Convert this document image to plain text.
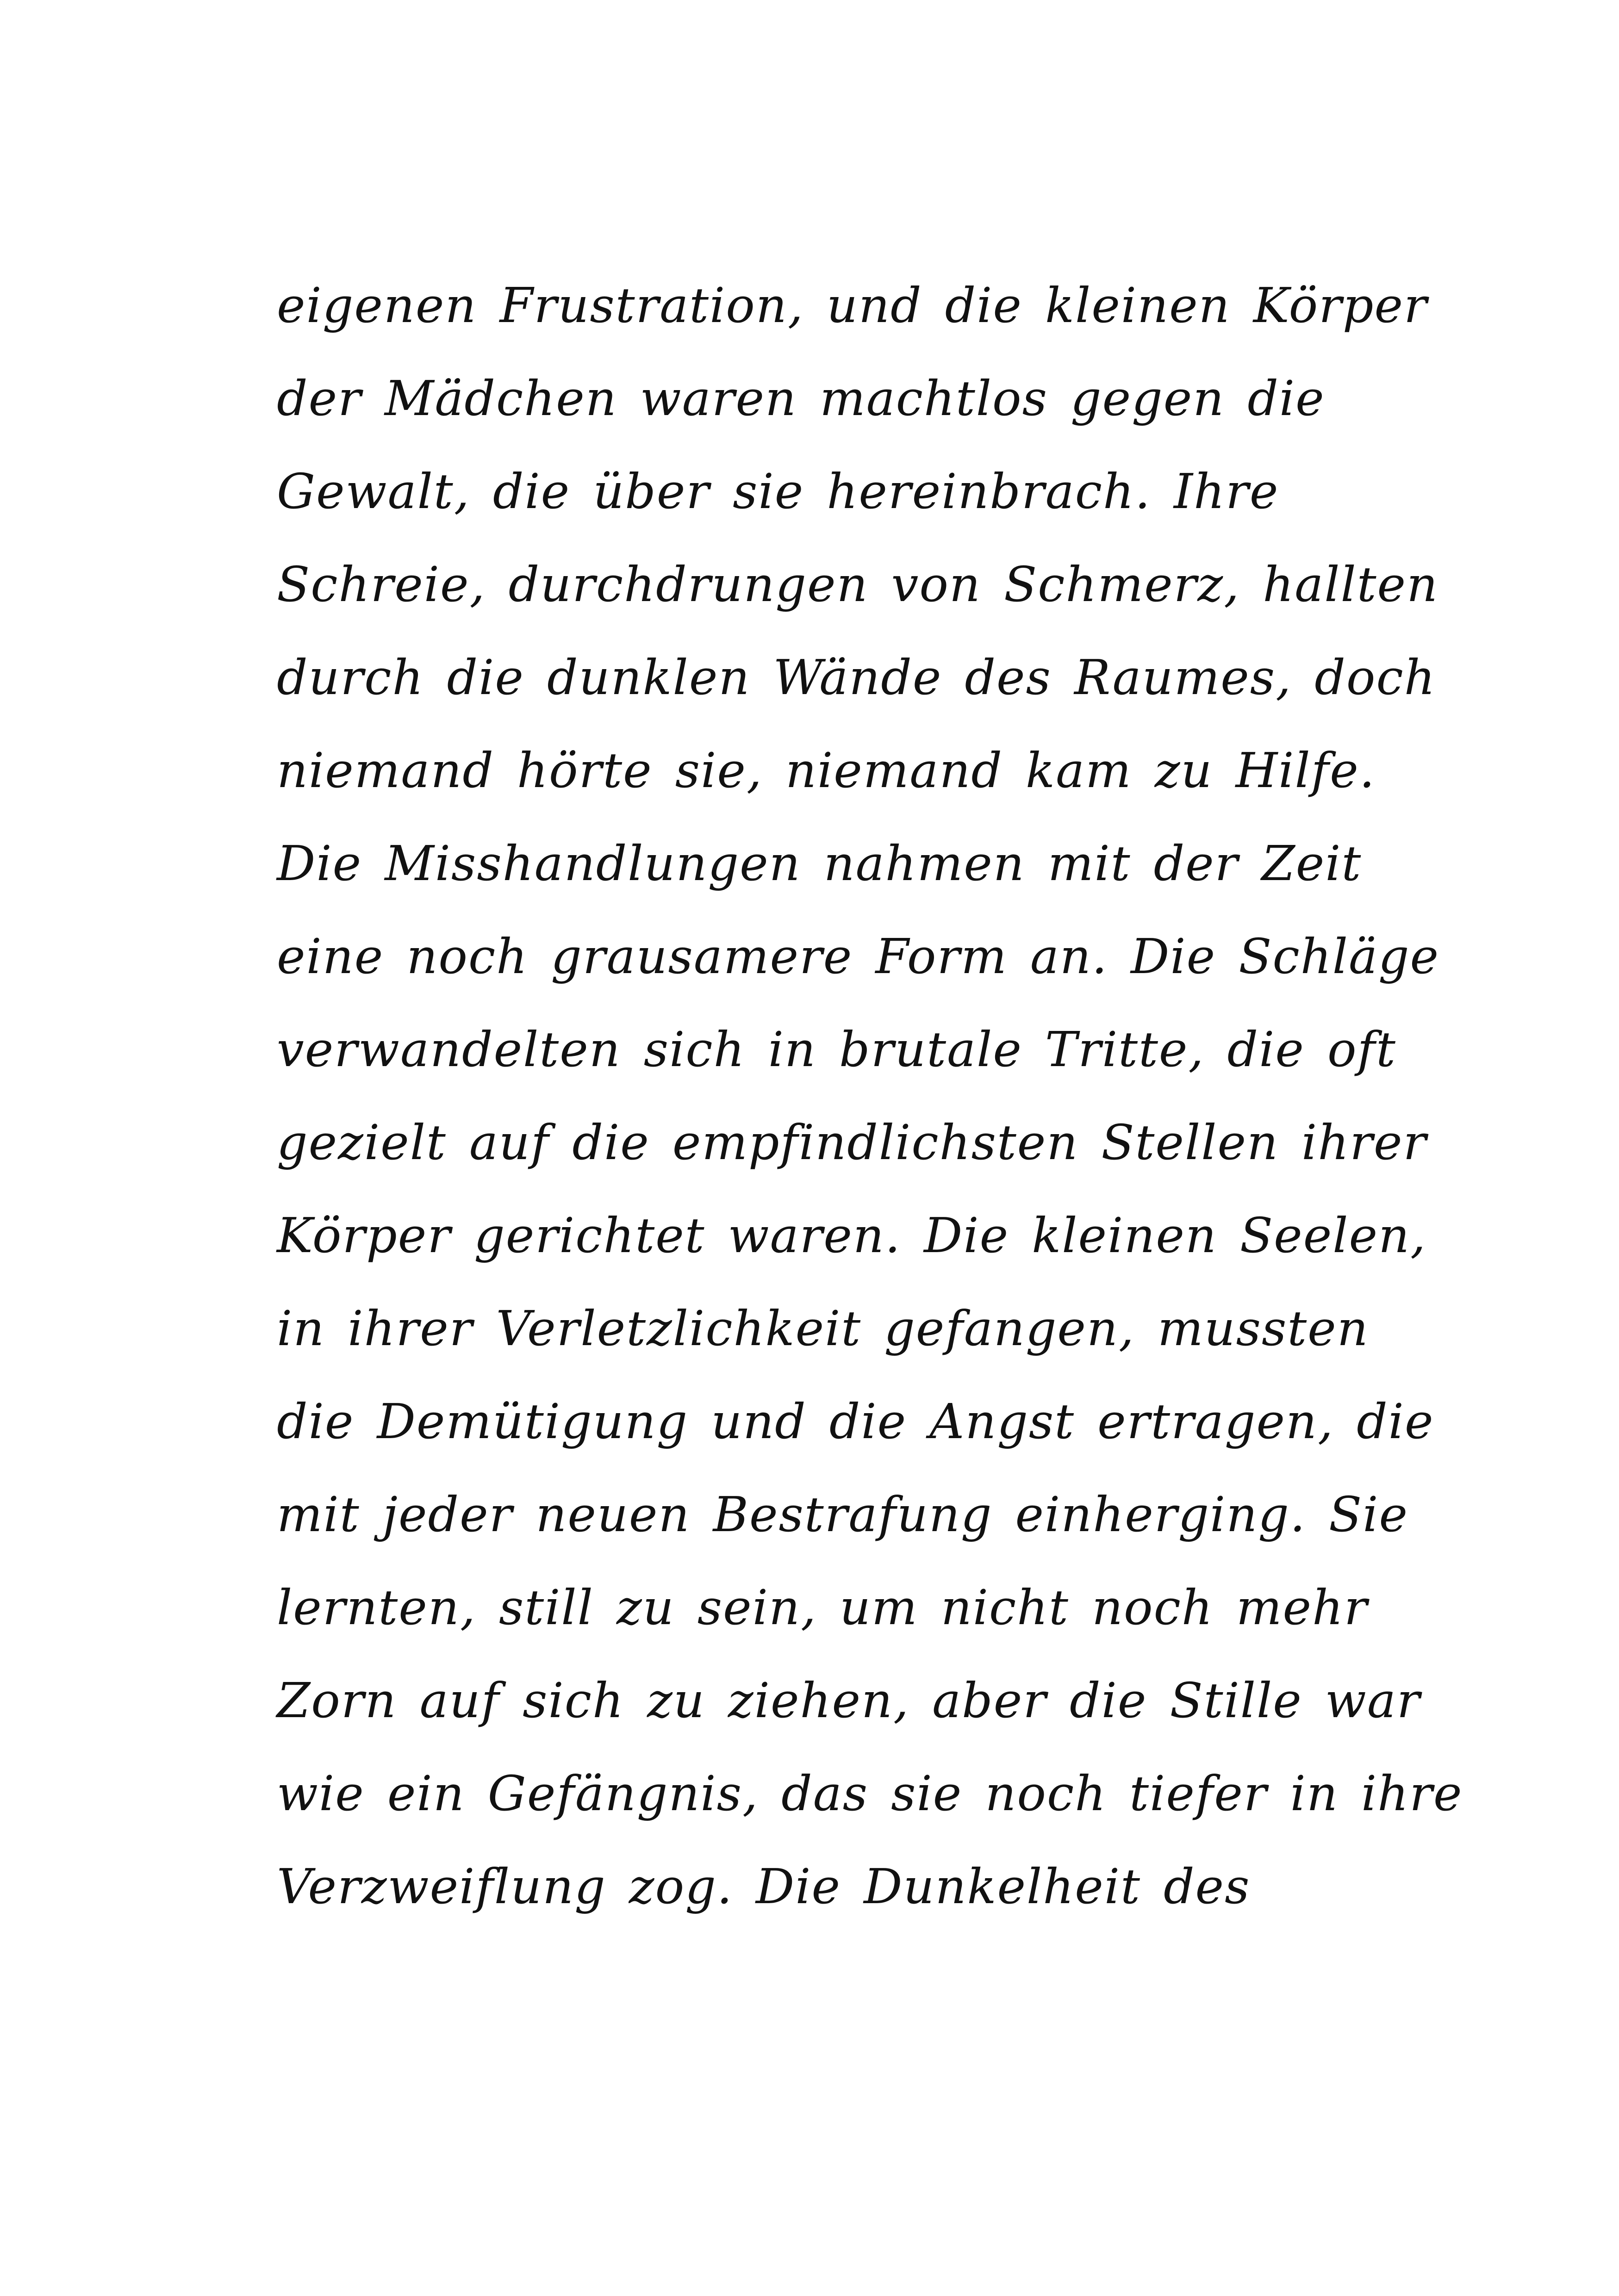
eigenen Frustration, und die kleinen Körper
der Mädchen waren machtlos gegen die
Gewalt, die über sie hereinbrach. Ihre
Schreie, durchdrungen von Schmerz, hallten
durch die dunklen Wände des Raumes, doch
niemand hörte sie, niemand kam zu Hilfe.
Die Misshandlungen nahmen mit der Zeit
eine noch grausamere Form an. Die Schläge
verwandelten sich in brutale Tritte, die oft
gezielt auf die empfindlichsten Stellen ihrer
Körper gerichtet waren. Die kleinen Seelen,
in ihrer Verletzlichkeit gefangen, mussten
die Demütigung und die Angst ertragen, die
mit jeder neuen Bestrafung einherging. Sie
lernten, still zu sein, um nicht noch mehr
Zorn auf sich zu ziehen, aber die Stille war
wie ein Gefängnis, das sie noch tiefer in ihre
Verzweiflung zog. Die Dunkelheit des
